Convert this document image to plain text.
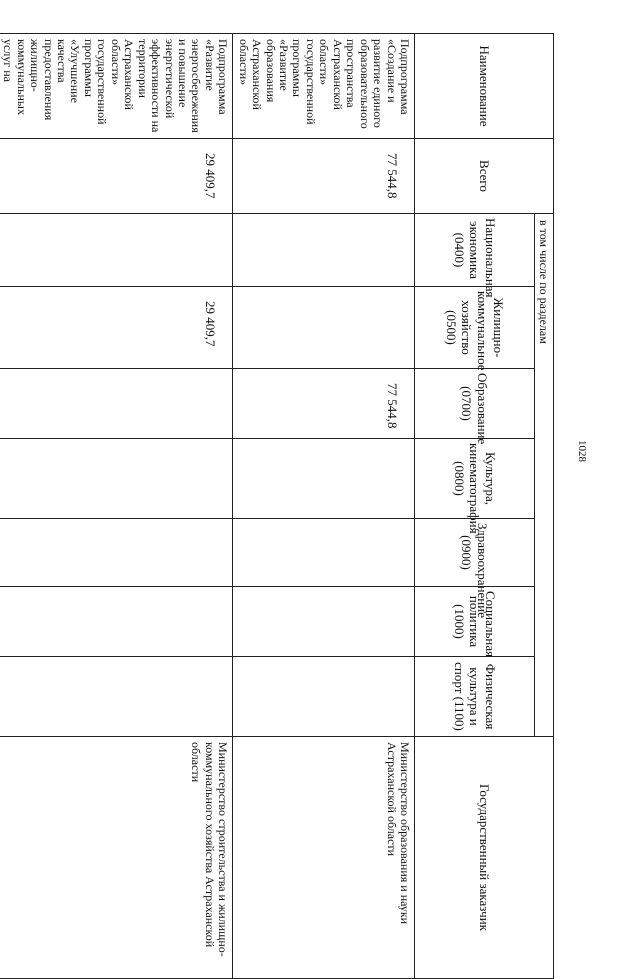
1028
Наименование	Всего	в том числе по разделам							Государственный заказчик
		Национальная экономика (0400)	Жилищно-коммунальное хозяйство (0500)	Образование (0700)	Культура, кинематография (0800)	Здравоохранение (0900)	Социальная политика (1000)	Физическая культура и спорт (1100)	
Подпрограмма «Создание и развитие единого образовательного пространства Астраханской области» государственной программы «Развитие образования Астраханской области»	77 544,8			77 544,8					Министерство образования и науки Астраханской области
Подпрограмма «Развитие энергосбережения и повышение энергетической эффективности на территории Астраханской области» государственной программы «Улучшение качества предоставления жилищно-коммунальных услуг на	29 409,7		29 409,7						Министерство строительства и жилищно-коммунального хозяйства Астраханской области
